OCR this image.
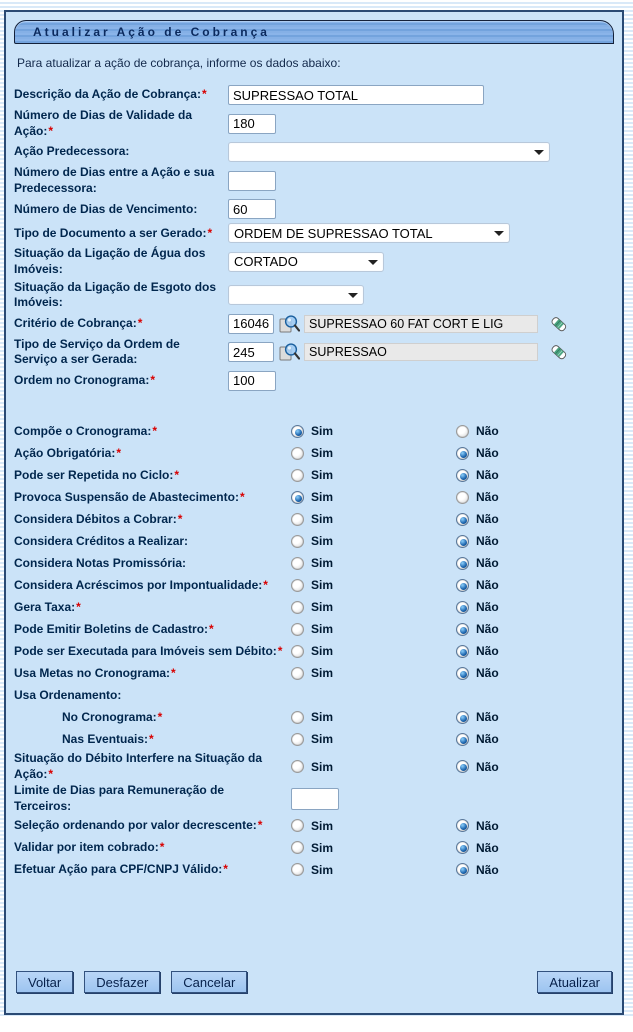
Atualizar Ação de Cobrança
Para atualizar a ação de cobrança, informe os dados abaixo:
Descrição da Ação de Cobrança:*
SUPRESSAO TOTAL
Número de Dias de Validade da Ação:*
180
Ação Predecessora:
Número de Dias entre a Ação e sua Predecessora:
Número de Dias de Vencimento:
60
Tipo de Documento a ser Gerado:*	ORDEM DE SUPRESSAO TOTAL
Situação da Ligação de Água dos Imóveis:	CORTADO
Situação da Ligação de Esgoto dos Imóveis:
Critério de Cobrança:*
160463	SUPRESSAO 60 FAT CORT E LIG
Tipo de Serviço da Ordem de Serviço a ser Gerada:
245	SUPRESSAO
Ordem no Cronograma:*
100
Compõe o Cronograma:*	Sim	Não
Ação Obrigatória:*	Sim	Não
Pode ser Repetida no Ciclo:*	Sim	Não
Provoca Suspensão de Abastecimento:*	Sim	Não
Considera Débitos a Cobrar:*	Sim	Não
Considera Créditos a Realizar:	Sim	Não
Considera Notas Promissória:	Sim	Não
Considera Acréscimos por Impontualidade:*	Sim	Não
Gera Taxa:*	Sim	Não
Pode Emitir Boletins de Cadastro:*	Sim	Não
Pode ser Executada para Imóveis sem Débito:*	Sim	Não
Usa Metas no Cronograma:*	Sim	Não
Usa Ordenamento:
No Cronograma:*	Sim	Não
Nas Eventuais:*	Sim	Não
Situação do Débito Interfere na Situação da Ação:*	Sim	Não
Limite de Dias para Remuneração de Terceiros:
Seleção ordenando por valor decrescente:*	Sim	Não
Validar por item cobrado:*	Sim	Não
Efetuar Ação para CPF/CNPJ Válido:*	Sim	Não
Voltar	Desfazer	Cancelar	Atualizar
